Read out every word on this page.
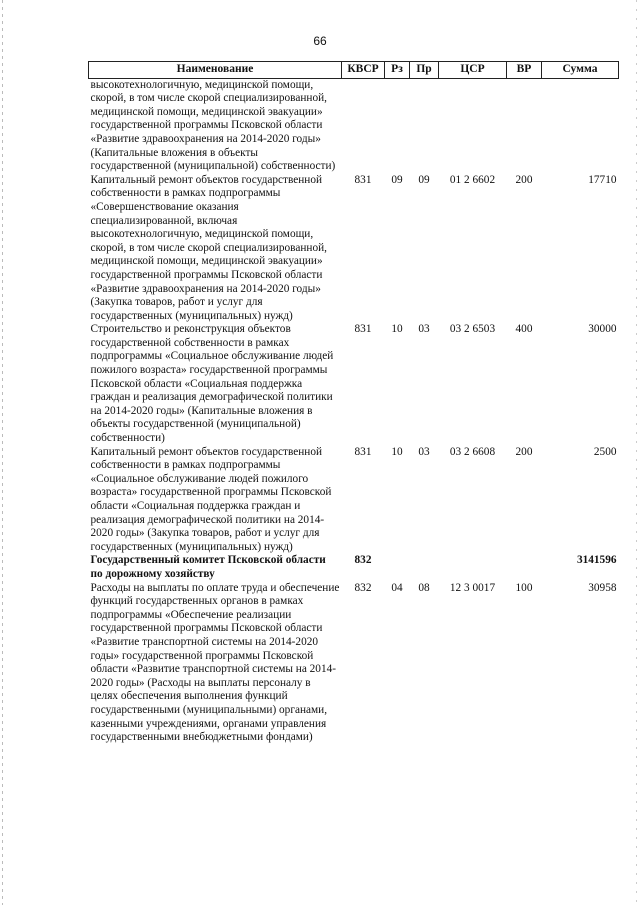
66
Наименование	КВСР	Рз	Пр	ЦСР	ВР	Сумма
высокотехнологичную, медицинской помощи, скорой, в том числе скорой специализированной, медицинской помощи, медицинской эвакуации» государственной программы Псковской области «Развитие здравоохранения на 2014-2020 годы» (Капитальные вложения в объекты государственной (муниципальной) собственности)						
Капитальный ремонт объектов государственной собственности в рамках подпрограммы «Совершенствование оказания специализированной, включая высокотехнологичную, медицинской помощи, скорой, в том числе скорой специализированной, медицинской помощи, медицинской эвакуации» государственной программы Псковской области «Развитие здравоохранения на 2014-2020 годы» (Закупка товаров, работ и услуг для государственных (муниципальных) нужд)	831	09	09	01 2 6602	200	17710
Строительство и реконструкция объектов государственной собственности в рамках подпрограммы «Социальное обслуживание людей пожилого возраста» государственной программы Псковской области «Социальная поддержка граждан и реализация демографической политики на 2014-2020 годы» (Капитальные вложения в объекты государственной (муниципальной) собственности)	831	10	03	03 2 6503	400	30000
Капитальный ремонт объектов государственной собственности в рамках подпрограммы «Социальное обслуживание людей пожилого возраста» государственной программы Псковской области «Социальная поддержка граждан и реализация демографической политики на 2014-2020 годы» (Закупка товаров, работ и услуг для государственных (муниципальных) нужд)	831	10	03	03 2 6608	200	2500
Государственный комитет Псковской области по дорожному хозяйству	832					3141596
Расходы на выплаты по оплате труда и обеспечение функций государственных органов в рамках подпрограммы «Обеспечение реализации государственной программы Псковской области «Развитие транспортной системы на 2014-2020 годы» государственной программы Псковской области «Развитие транспортной системы на 2014-2020 годы» (Расходы на выплаты персоналу в целях обеспечения выполнения функций государственными (муниципальными) органами, казенными учреждениями, органами управления государственными внебюджетными фондами)	832	04	08	12 3 0017	100	30958
